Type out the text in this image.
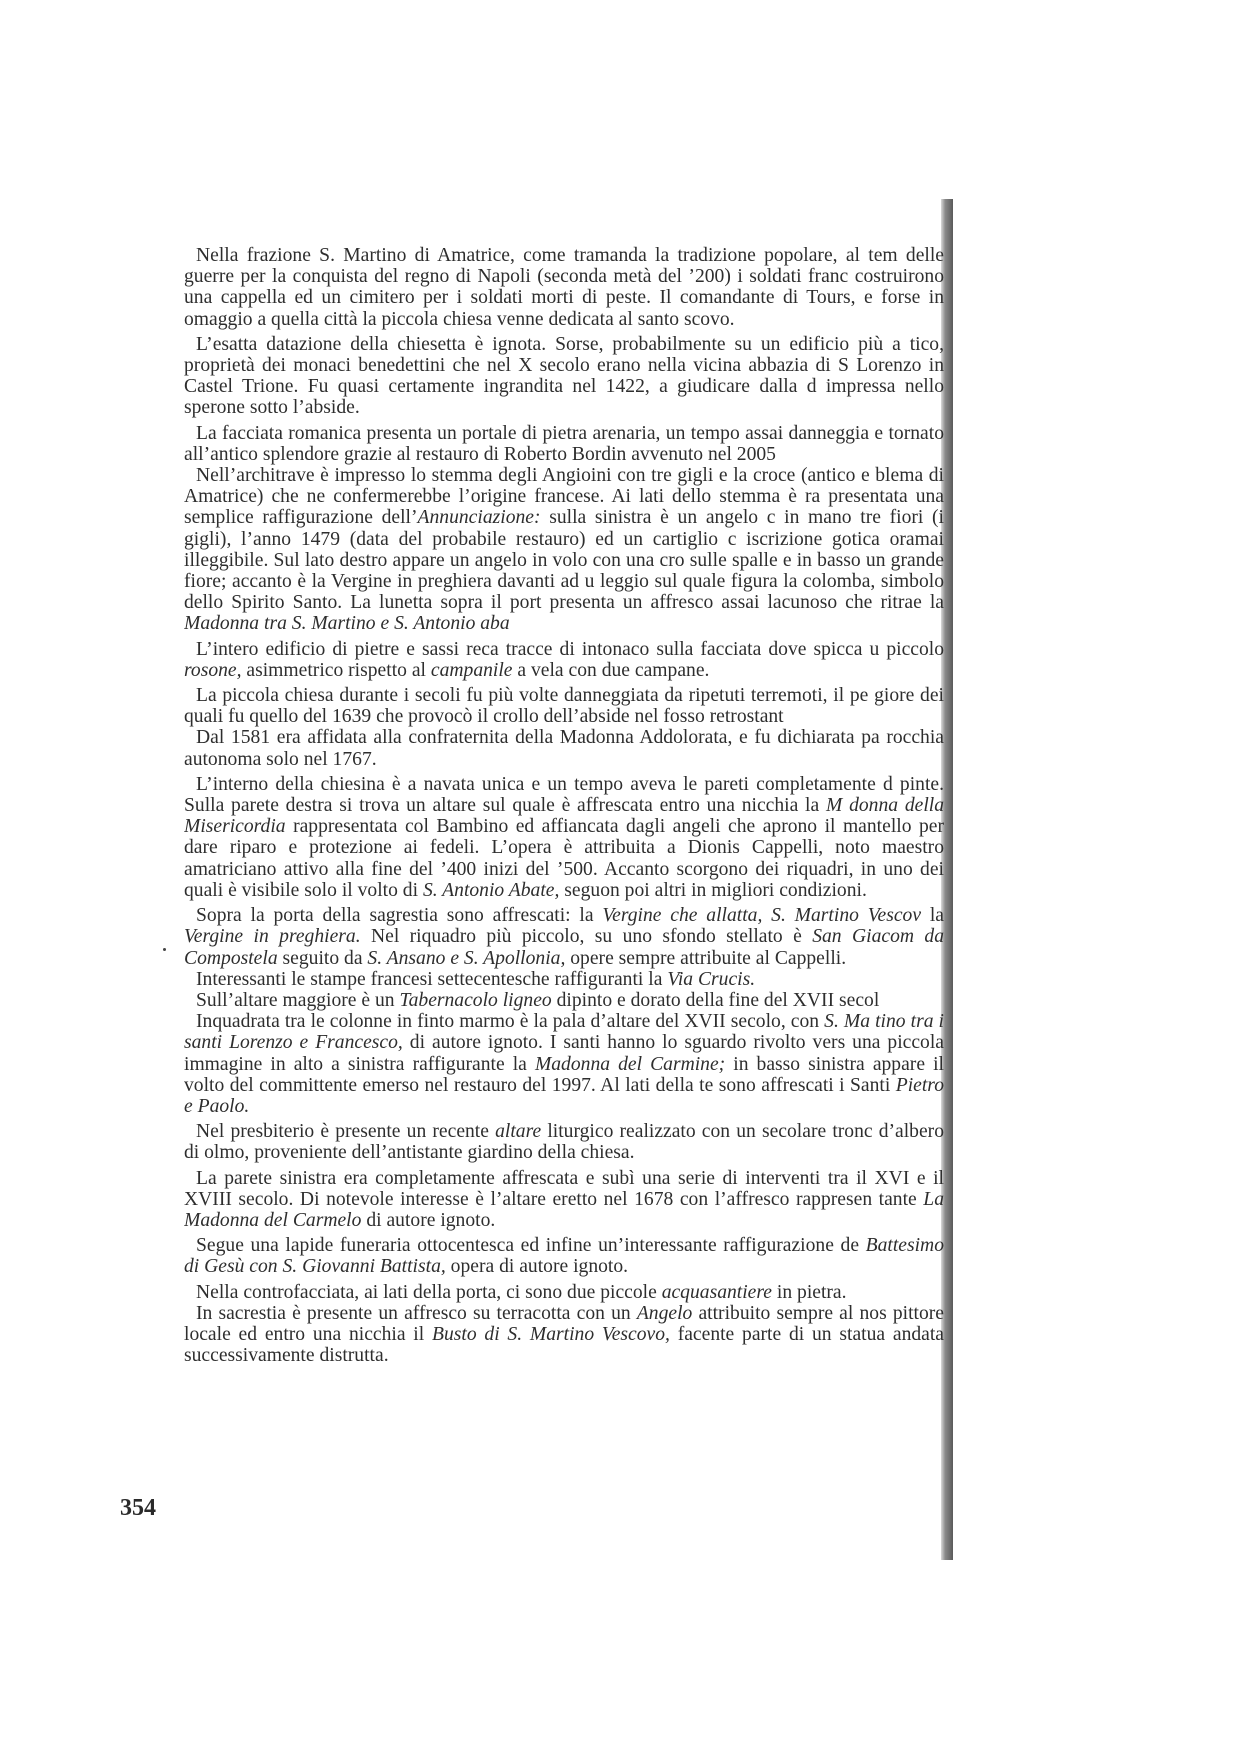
Nella frazione S. Martino di Amatrice, come tramanda la tradizione popolare, al tem delle guerre per la conquista del regno di Napoli (seconda metà del ’200) i soldati franc costruirono una cappella ed un cimitero per i soldati morti di peste. Il comandante di Tours, e forse in omaggio a quella città la piccola chiesa venne dedicata al santo scovo.

L’esatta datazione della chiesetta è ignota. Sorse, probabilmente su un edificio più a tico, proprietà dei monaci benedettini che nel X secolo erano nella vicina abbazia di S Lorenzo in Castel Trione. Fu quasi certamente ingrandita nel 1422, a giudicare dalla d impressa nello sperone sotto l’abside.

La facciata romanica presenta un portale di pietra arenaria, un tempo assai danneggia e tornato all’antico splendore grazie al restauro di Roberto Bordin avvenuto nel 2005

Nell’architrave è impresso lo stemma degli Angioini con tre gigli e la croce (antico e blema di Amatrice) che ne confermerebbe l’origine francese. Ai lati dello stemma è ra presentata una semplice raffigurazione dell’Annunciazione: sulla sinistra è un angelo c in mano tre fiori (i gigli), l’anno 1479 (data del probabile restauro) ed un cartiglio c iscrizione gotica oramai illeggibile. Sul lato destro appare un angelo in volo con una cro sulle spalle e in basso un grande fiore; accanto è la Vergine in preghiera davanti ad u leggio sul quale figura la colomba, simbolo dello Spirito Santo. La lunetta sopra il port presenta un affresco assai lacunoso che ritrae la Madonna tra S. Martino e S. Antonio aba

L’intero edificio di pietre e sassi reca tracce di intonaco sulla facciata dove spicca u piccolo rosone, asimmetrico rispetto al campanile a vela con due campane.

La piccola chiesa durante i secoli fu più volte danneggiata da ripetuti terremoti, il pe giore dei quali fu quello del 1639 che provocò il crollo dell’abside nel fosso retrostant

Dal 1581 era affidata alla confraternita della Madonna Addolorata, e fu dichiarata pa rocchia autonoma solo nel 1767.

L’interno della chiesina è a navata unica e un tempo aveva le pareti completamente d pinte. Sulla parete destra si trova un altare sul quale è affrescata entro una nicchia la M donna della Misericordia rappresentata col Bambino ed affiancata dagli angeli che aprono il mantello per dare riparo e protezione ai fedeli. L’opera è attribuita a Dionis Cappelli, noto maestro amatriciano attivo alla fine del ’400 inizi del ’500. Accanto scorgono dei riquadri, in uno dei quali è visibile solo il volto di S. Antonio Abate, seguon poi altri in migliori condizioni.

Sopra la porta della sagrestia sono affrescati: la Vergine che allatta, S. Martino Vescov la Vergine in preghiera. Nel riquadro più piccolo, su uno sfondo stellato è San Giacom da Compostela seguito da S. Ansano e S. Apollonia, opere sempre attribuite al Cappelli.

Interessanti le stampe francesi settecentesche raffiguranti la Via Crucis.

Sull’altare maggiore è un Tabernacolo ligneo dipinto e dorato della fine del XVII secol

Inquadrata tra le colonne in finto marmo è la pala d’altare del XVII secolo, con S. Ma tino tra i santi Lorenzo e Francesco, di autore ignoto. I santi hanno lo sguardo rivolto vers una piccola immagine in alto a sinistra raffigurante la Madonna del Carmine; in basso sinistra appare il volto del committente emerso nel restauro del 1997. Al lati della te sono affrescati i Santi Pietro e Paolo.

Nel presbiterio è presente un recente altare liturgico realizzato con un secolare tronc d’albero di olmo, proveniente dell’antistante giardino della chiesa.

La parete sinistra era completamente affrescata e subì una serie di interventi tra il XVI e il XVIII secolo. Di notevole interesse è l’altare eretto nel 1678 con l’affresco rappresen tante La Madonna del Carmelo di autore ignoto.

Segue una lapide funeraria ottocentesca ed infine un’interessante raffigurazione de Battesimo di Gesù con S. Giovanni Battista, opera di autore ignoto.

Nella controfacciata, ai lati della porta, ci sono due piccole acquasantiere in pietra.

In sacrestia è presente un affresco su terracotta con un Angelo attribuito sempre al nos pittore locale ed entro una nicchia il Busto di S. Martino Vescovo, facente parte di un statua andata successivamente distrutta.

354
